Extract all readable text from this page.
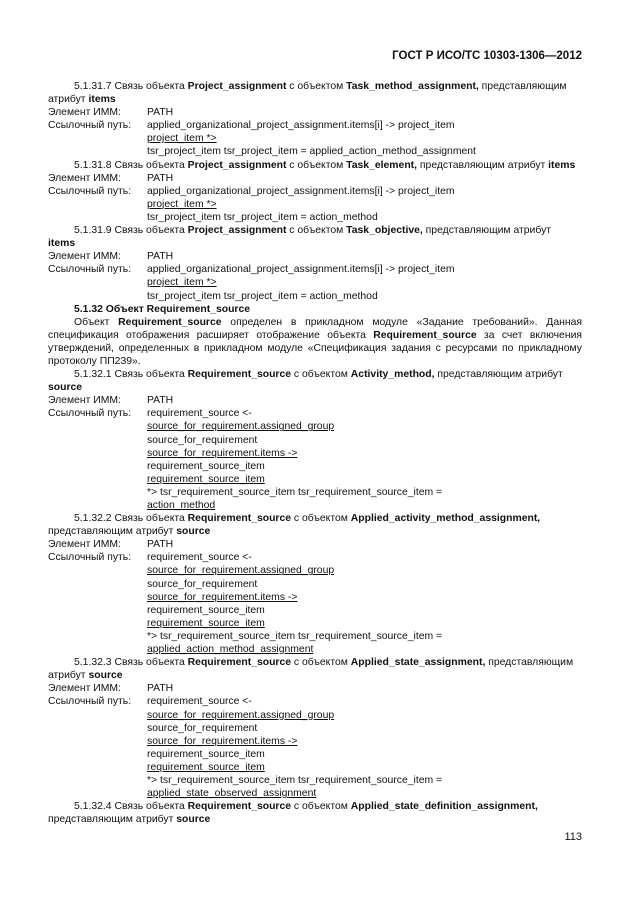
ГОСТ Р ИСО/ТС 10303-1306—2012

5.1.31.7 Связь объекта Project_assignment с объектом Task_method_assignment, представляющим атрибут items

Элемент ИММ:	PATH
Ссылочный путь:	applied_organizational_project_assignment.items[i] -> project_item
project_item *>
tsr_project_item tsr_project_item = applied_action_method_assignment

5.1.31.8 Связь объекта Project_assignment с объектом Task_element, представляющим атрибут items

Элемент ИММ:	PATH
Ссылочный путь:	applied_organizational_project_assignment.items[i] -> project_item
project_item *>
tsr_project_item tsr_project_item = action_method

5.1.31.9 Связь объекта Project_assignment с объектом Task_objective, представляющим атрибут

items

Элемент ИММ:	PATH
Ссылочный путь:	applied_organizational_project_assignment.items[i] -> project_item
project_item *>
tsr_project_item tsr_project_item = action_method

5.1.32 Объект Requirement_source

Объект Requirement_source определен в прикладном модуле «Задание требований». Данная спецификация отображения расширяет отображение объекта Requirement_source за счет включения утверждений, определенных в прикладном модуле «Спецификация задания с ресурсами по прикладному протоколу ПП239».

5.1.32.1 Связь объекта Requirement_source с объектом Activity_method, представляющим атрибут

source

Элемент ИММ:	PATH
Ссылочный путь:	requirement_source <-
source_for_requirement.assigned_group
source_for_requirement
source_for_requirement.items ->
requirement_source_item
requirement_source_item
*> tsr_requirement_source_item tsr_requirement_source_item =
action_method

5.1.32.2 Связь объекта Requirement_source с объектом Applied_activity_method_assignment, представляющим атрибут source

Элемент ИММ:	PATH
Ссылочный путь:	requirement_source <-
source_for_requirement.assigned_group
source_for_requirement
source_for_requirement.items ->
requirement_source_item
requirement_source_item
*> tsr_requirement_source_item tsr_requirement_source_item =
applied_action_method_assignment

5.1.32.3 Связь объекта Requirement_source с объектом Applied_state_assignment, представляющим атрибут source

Элемент ИММ:	PATH
Ссылочный путь:	requirement_source <-
source_for_requirement.assigned_group
source_for_requirement
source_for_requirement.items ->
requirement_source_item
requirement_source_item
*> tsr_requirement_source_item tsr_requirement_source_item =
applied_state_observed_assignment

5.1.32.4 Связь объекта Requirement_source с объектом Applied_state_definition_assignment, представляющим атрибут source

113
